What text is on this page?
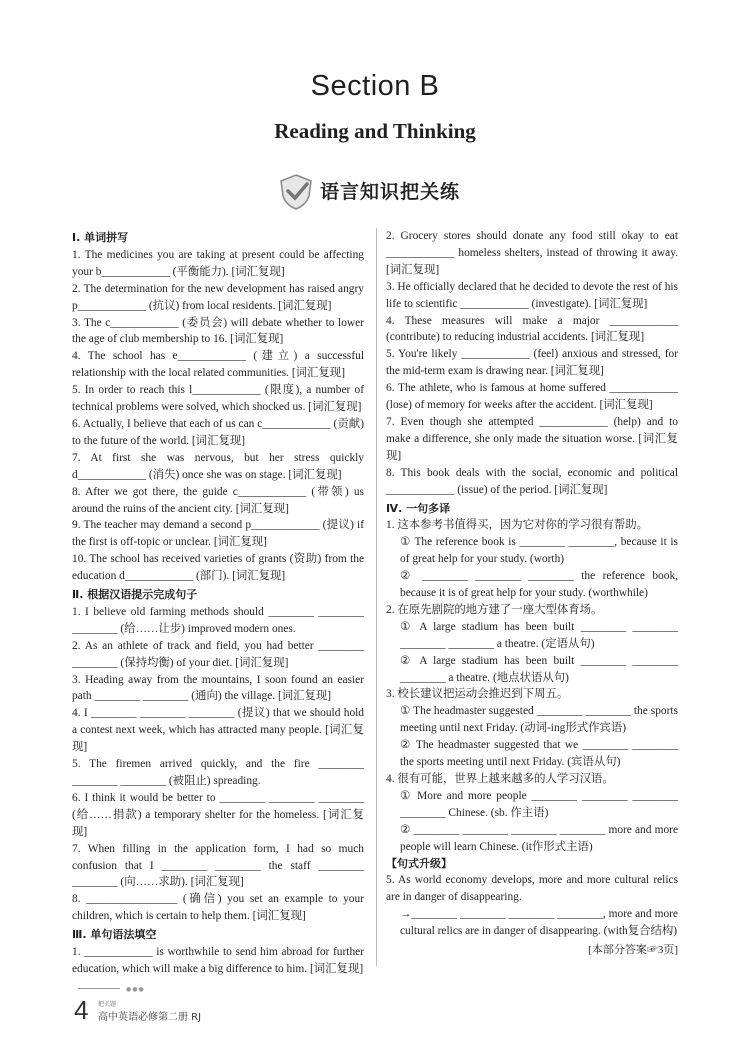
Section B
Reading and Thinking
语言知识把关练
Ⅰ. 单词拼写
1. The medicines you are taking at present could be affecting your b____________ (平衡能力). [词汇复现]
2. The determination for the new development has raised angry p____________ (抗议) from local residents. [词汇复现]
3. The c____________ (委员会) will debate whether to lower the age of club membership to 16. [词汇复现]
4. The school has e____________ (建立) a successful relationship with the local related communities. [词汇复现]
5. In order to reach this l____________ (限度), a number of technical problems were solved, which shocked us. [词汇复现]
6. Actually, I believe that each of us can c____________ (贡献) to the future of the world. [词汇复现]
7. At first she was nervous, but her stress quickly d____________ (消失) once she was on stage. [词汇复现]
8. After we got there, the guide c____________ (带领) us around the ruins of the ancient city. [词汇复现]
9. The teacher may demand a second p____________ (提议) if the first is off-topic or unclear. [词汇复现]
10. The school has received varieties of grants (资助) from the education d____________ (部门). [词汇复现]
Ⅱ. 根据汉语提示完成句子
1. I believe old farming methods should ________ ________ ________ (给……让步) improved modern ones.
2. As an athlete of track and field, you had better ________ ________ (保持均衡) of your diet. [词汇复现]
3. Heading away from the mountains, I soon found an easier path ________ ________ (通向) the village. [词汇复现]
4. I ________ ________ ________ (提议) that we should hold a contest next week, which has attracted many people. [词汇复现]
5. The firemen arrived quickly, and the fire ________ ________ ________ (被阻止) spreading.
6. I think it would be better to ________ ________ ________ (给……捐款) a temporary shelter for the homeless. [词汇复现]
7. When filling in the application form, I had so much confusion that I ________ ________ the staff ________ ________ (向……求助). [词汇复现]
8. ________________ (确信) you set an example to your children, which is certain to help them. [词汇复现]
Ⅲ. 单句语法填空
1. ____________ is worthwhile to send him abroad for further education, which will make a big difference to him. [词汇复现]
2. Grocery stores should donate any food still okay to eat ____________ homeless shelters, instead of throwing it away. [词汇复现]
3. He officially declared that he decided to devote the rest of his life to scientific ____________ (investigate). [词汇复现]
4. These measures will make a major ____________ (contribute) to reducing industrial accidents. [词汇复现]
5. You're likely ____________ (feel) anxious and stressed, for the mid-term exam is drawing near. [词汇复现]
6. The athlete, who is famous at home suffered ____________ (lose) of memory for weeks after the accident. [词汇复现]
7. Even though she attempted ____________ (help) and to make a difference, she only made the situation worse. [词汇复现]
8. This book deals with the social, economic and political ____________ (issue) of the period. [词汇复现]
Ⅳ. 一句多译
1. 这本参考书值得买，因为它对你的学习很有帮助。
① The reference book is ________ ________, because it is of great help for your study. (worth)
② ________ ________ ________ the reference book, because it is of great help for your study. (worthwhile)
2. 在原先剧院的地方建了一座大型体育场。
① A large stadium has been built ________ ________ ________ ________ a theatre. (定语从句)
② A large stadium has been built ________ ________ ________ a theatre. (地点状语从句)
3. 校长建议把运动会推迟到下周五。
① The headmaster suggested ________ ________ the sports meeting until next Friday. (动词-ing形式作宾语)
② The headmaster suggested that we ________ ________ the sports meeting until next Friday. (宾语从句)
4. 很有可能，世界上越来越多的人学习汉语。
① More and more people ________ ________ ________ ________ Chinese. (sb. 作主语)
② ________ ________ ________ ________ more and more people will learn Chinese. (it作形式主语)
【句式升级】
5. As world economy develops, more and more cultural relics are in danger of disappearing.
→________ ________ ________ ________, more and more cultural relics are in danger of disappearing. (with复合结构)
[本部分答案☞3页]
●●●
4 把关题
高中英语必修第二册 RJ
